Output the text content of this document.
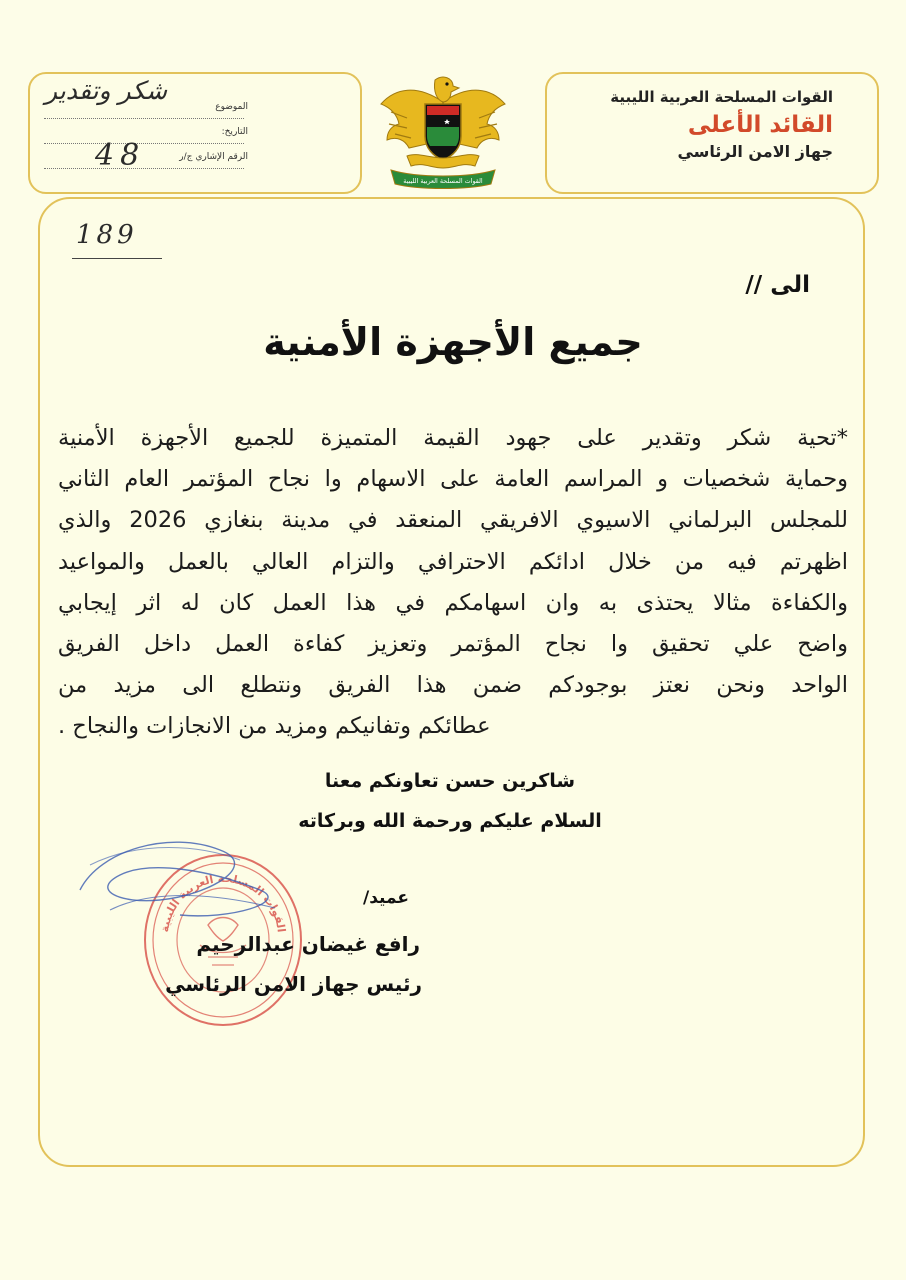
القوات المسلحة العربية الليبية
القائد الأعلى
جهاز الامن الرئاسي
الموضوع
التاريخ:
الرقم الإشاري ج/ر
شكر وتقدير
48
القوات المسلحة العربية الليبية
189
الى //
جميع الأجهزة الأمنية
*تحية شكر وتقدير على جهود القيمة المتميزة للجميع الأجهزة الأمنية
وحماية شخصيات و المراسم العامة على الاسهام وا نجاح المؤتمر العام الثاني
للمجلس البرلماني الاسيوي الافريقي المنعقد في مدينة بنغازي 2026 والذي
اظهرتم فيه من خلال ادائكم الاحترافي والتزام العالي بالعمل والمواعيد
والكفاءة مثالا يحتذى به وان اسهامكم في هذا العمل كان له اثر إيجابي
واضح علي تحقيق وا نجاح المؤتمر وتعزيز كفاءة العمل داخل الفريق
الواحد ونحن نعتز بوجودكم ضمن هذا الفريق ونتطلع الى مزيد من
عطائكم وتفانيكم ومزيد من الانجازات والنجاح .
شاكرين حسن تعاونكم معنا
السلام عليكم ورحمة الله وبركاته
القوات المسلحة العربية الليبية
عميد/
رافع غيضان عبدالرحيم
رئيس جهاز الامن الرئاسي
